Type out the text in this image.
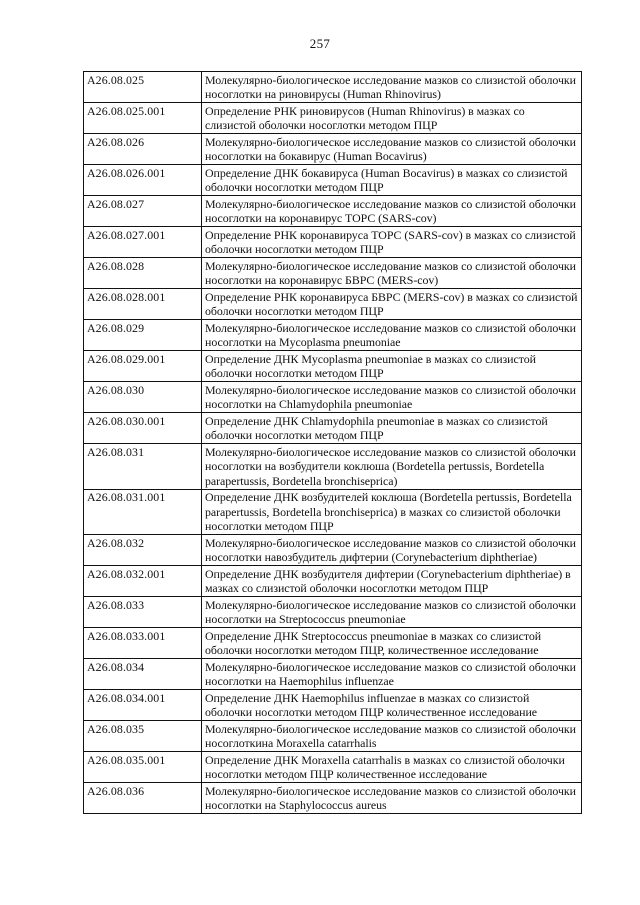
257
A26.08.025	Молекулярно-биологическое исследование мазков со слизистой оболочки носоглотки на риновирусы (Human Rhinovirus)
A26.08.025.001	Определение РНК риновирусов (Human Rhinovirus) в мазках со слизистой оболочки носоглотки методом ПЦР
A26.08.026	Молекулярно-биологическое исследование мазков со слизистой оболочки носоглотки на бокавирус (Human Bocavirus)
A26.08.026.001	Определение ДНК бокавируса (Human Bocavirus) в мазках со слизистой оболочки носоглотки методом ПЦР
A26.08.027	Молекулярно-биологическое исследование мазков со слизистой оболочки носоглотки на коронавирус ТОРС (SARS-cov)
A26.08.027.001	Определение РНК коронавируса ТОРС (SARS-cov) в мазках со слизистой оболочки носоглотки методом ПЦР
A26.08.028	Молекулярно-биологическое исследование мазков со слизистой оболочки носоглотки на коронавирус БВРС (MERS-cov)
A26.08.028.001	Определение РНК коронавируса БВРС (MERS-cov) в мазках со слизистой оболочки носоглотки методом ПЦР
A26.08.029	Молекулярно-биологическое исследование мазков со слизистой оболочки носоглотки на Mycoplasma pneumoniae
A26.08.029.001	Определение ДНК Mycoplasma pneumoniae в мазках со слизистой оболочки носоглотки методом ПЦР
A26.08.030	Молекулярно-биологическое исследование мазков со слизистой оболочки носоглотки на Chlamydophila pneumoniae
A26.08.030.001	Определение ДНК Chlamydophila pneumoniae в мазках со слизистой оболочки носоглотки методом ПЦР
A26.08.031	Молекулярно-биологическое исследование мазков со слизистой оболочки носоглотки на возбудители коклюша (Bordetella pertussis, Bordetella parapertussis, Bordetella bronchiseprica)
A26.08.031.001	Определение ДНК возбудителей коклюша (Bordetella pertussis, Bordetella parapertussis, Bordetella bronchiseprica) в мазках со слизистой оболочки носоглотки методом ПЦР
A26.08.032	Молекулярно-биологическое исследование мазков со слизистой оболочки носоглотки навозбудитель дифтерии (Corynebacterium diphtheriae)
A26.08.032.001	Определение ДНК возбудителя дифтерии (Corynebacterium diphtheriae) в мазках со слизистой оболочки носоглотки методом ПЦР
A26.08.033	Молекулярно-биологическое исследование мазков со слизистой оболочки носоглотки на Streptococcus pneumoniae
A26.08.033.001	Определение ДНК Streptococcus pneumoniae в мазках со слизистой оболочки носоглотки методом ПЦР, количественное исследование
A26.08.034	Молекулярно-биологическое исследование мазков со слизистой оболочки носоглотки на Haemophilus influenzae
A26.08.034.001	Определение ДНК Haemophilus influenzae в мазках со слизистой оболочки носоглотки методом ПЦР количественное исследование
A26.08.035	Молекулярно-биологическое исследование мазков со слизистой оболочки носоглоткина Moraxella catarrhalis
A26.08.035.001	Определение ДНК Moraxella catarrhalis в мазках со слизистой оболочки носоглотки методом ПЦР количественное исследование
A26.08.036	Молекулярно-биологическое исследование мазков со слизистой оболочки носоглотки на Staphylococcus aureus
